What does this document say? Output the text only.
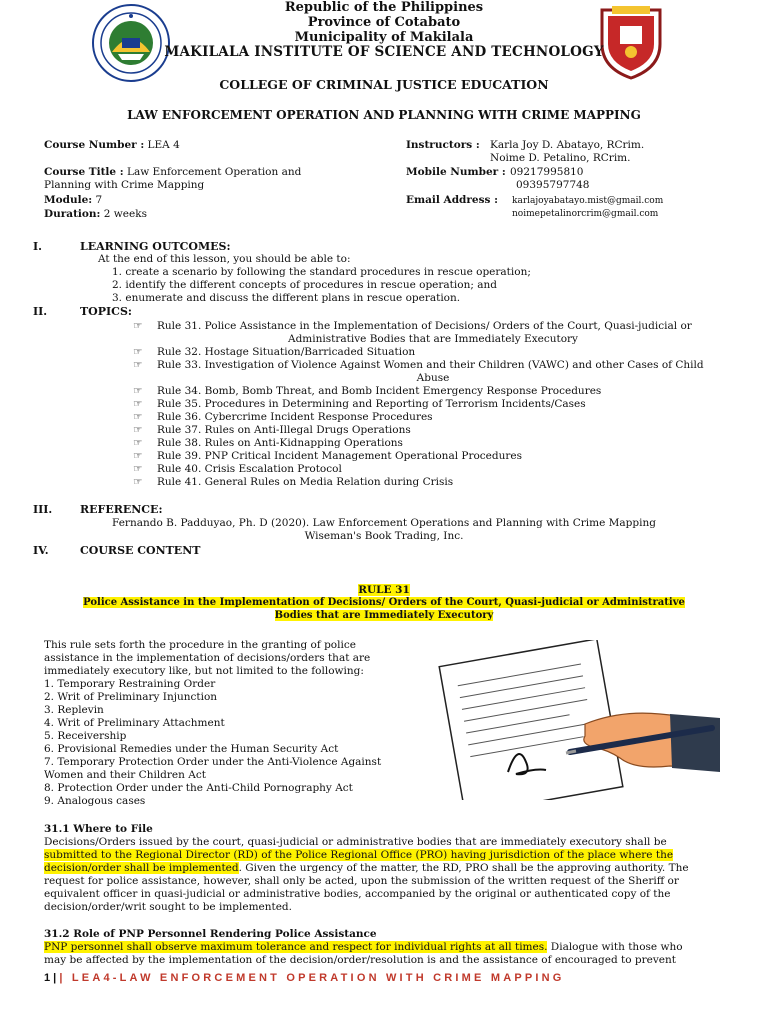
Republic of the Philippines
Province of Cotabato
Municipality of Makilala
MAKILALA INSTITUTE OF SCIENCE AND TECHNOLOGY
COLLEGE OF CRIMINAL JUSTICE EDUCATION
LAW ENFORCEMENT OPERATION AND PLANNING WITH CRIME MAPPING
Course Number : LEA 4
Course Title : Law Enforcement Operation and
Planning with Crime Mapping
Module: 7
Duration: 2 weeks
Instructors : Karla Joy D. Abatayo, RCrim.
Noime D. Petalino, RCrim.
Mobile Number : 09217995810
09395797748
Email Address : karlajoyabatayo.mist@gmail.com
noimepetalinorcrim@gmail.com
I.	LEARNING OUTCOMES:
At the end of this lesson, you should be able to:
1. create a scenario by following the standard procedures in rescue operation;
2. identify the different concepts of procedures in rescue operation; and
3. enumerate and discuss the different plans in rescue operation.
II.	TOPICS:
☞ Rule 31. Police Assistance in the Implementation of Decisions/ Orders of the Court, Quasi-judicial or
Administrative Bodies that are Immediately Executory
☞ Rule 32. Hostage Situation/Barricaded Situation
☞ Rule 33. Investigation of Violence Against Women and their Children (VAWC) and other Cases of Child
Abuse
☞ Rule 34. Bomb, Bomb Threat, and Bomb Incident Emergency Response Procedures
☞ Rule 35. Procedures in Determining and Reporting of Terrorism Incidents/Cases
☞ Rule 36. Cybercrime Incident Response Procedures
☞ Rule 37. Rules on Anti-Illegal Drugs Operations
☞ Rule 38. Rules on Anti-Kidnapping Operations
☞ Rule 39. PNP Critical Incident Management Operational Procedures
☞ Rule 40. Crisis Escalation Protocol
☞ Rule 41. General Rules on Media Relation during Crisis
III.	REFERENCE:
Fernando B. Padduyao, Ph. D (2020). Law Enforcement Operations and Planning with Crime Mapping
Wiseman's Book Trading, Inc.
IV.	COURSE CONTENT
RULE 31
Police Assistance in the Implementation of Decisions/ Orders of the Court, Quasi-judicial or Administrative
Bodies that are Immediately Executory
This rule sets forth the procedure in the granting of police
assistance in the implementation of decisions/orders that are
immediately executory like, but not limited to the following:
1. Temporary Restraining Order
2. Writ of Preliminary Injunction
3. Replevin
4. Writ of Preliminary Attachment
5. Receivership
6. Provisional Remedies under the Human Security Act
7. Temporary Protection Order under the Anti-Violence Against
Women and their Children Act
8. Protection Order under the Anti-Child Pornography Act
9. Analogous cases
31.1 Where to File
Decisions/Orders issued by the court, quasi-judicial or administrative bodies that are immediately executory shall be
submitted to the Regional Director (RD) of the Police Regional Office (PRO) having jurisdiction of the place where the
decision/order shall be implemented. Given the urgency of the matter, the RD, PRO shall be the approving authority. The
request for police assistance, however, shall only be acted, upon the submission of the written request of the Sheriff or
equivalent officer in quasi-judicial or administrative bodies, accompanied by the original or authenticated copy of the
decision/order/writ sought to be implemented.
31.2 Role of PNP Personnel Rendering Police Assistance
PNP personnel shall observe maximum tolerance and respect for individual rights at all times. Dialogue with those who
may be affected by the implementation of the decision/order/resolution is and the assistance of encouraged to prevent
1 | | LEA4-LAW ENFORCEMENT OPERATION WITH CRIME MAPPING
